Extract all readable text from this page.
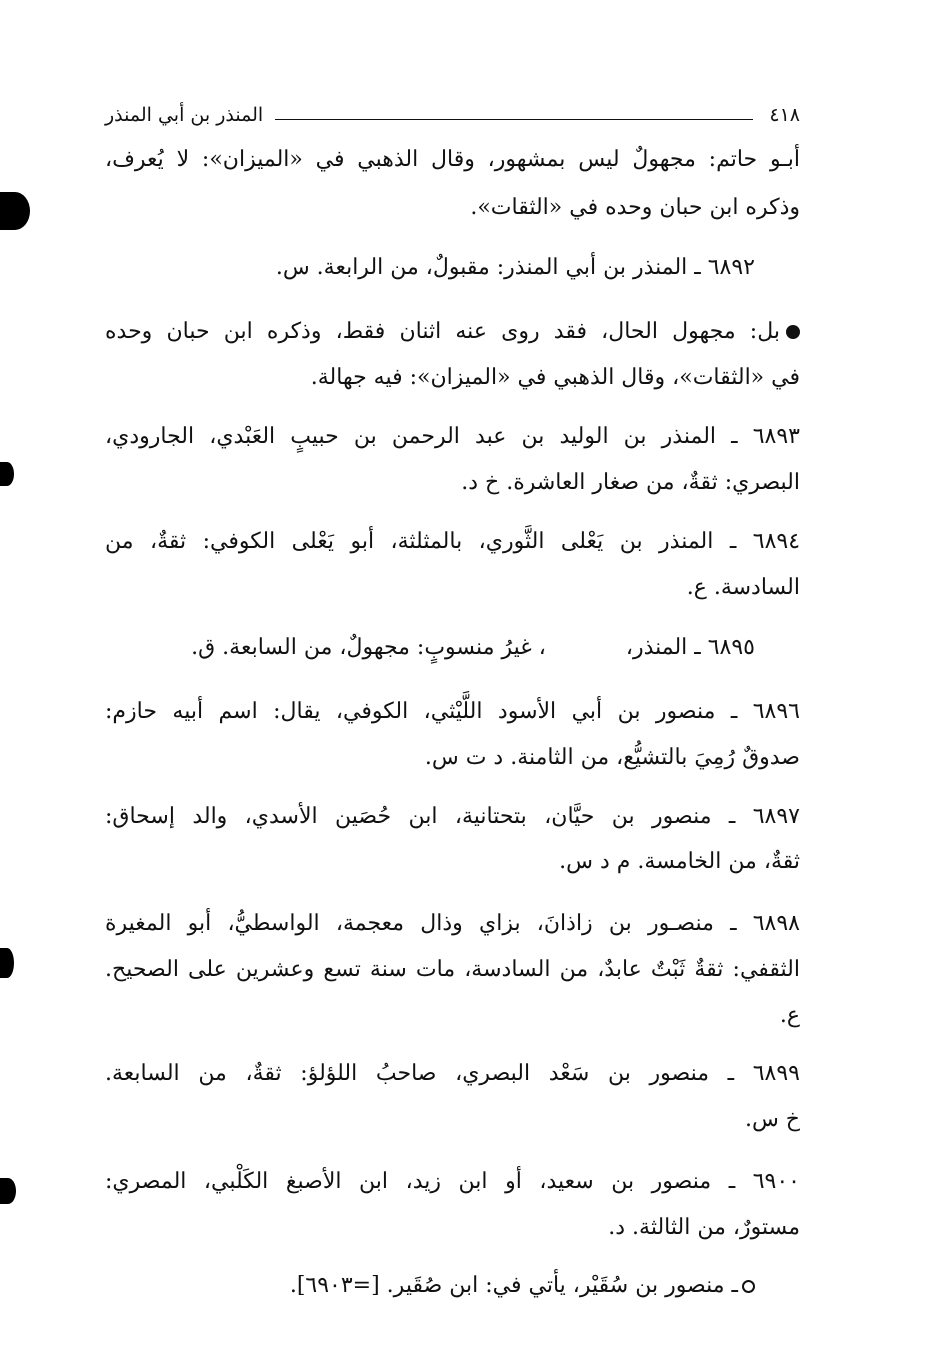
٤١٨
المنذر بن أبي المنذر
أبـو حاتم: مجهولٌ ليس بمشهور، وقال الذهبي في «الميزان»: لا يُعرف،
وذكره ابن حبان وحده في «الثقات».
٦٨٩٢ ـ المنذر بن أبي المنذر: مقبولٌ، من الرابعة. س.
بل: مجهول الحال، فقد روى عنه اثنان فقط، وذكره ابن حبان وحده
في «الثقات»، وقال الذهبي في «الميزان»: فيه جهالة.
٦٨٩٣ ـ المنذر بن الوليد بن عبد الرحمن بن حبيبٍ العَبْدي، الجارودي،
البصري: ثقةٌ، من صغار العاشرة. خ د.
٦٨٩٤ ـ المنذر بن يَعْلى الثَّوري، بالمثلثة، أبو يَعْلى الكوفي: ثقةٌ، من
السادسة. ع.
٦٨٩٥ ـ المنذر،، غيرُ منسوبٍ: مجهولٌ، من السابعة. ق.
٦٨٩٦ ـ منصور بن أبي الأسود اللَّيْثي، الكوفي، يقال: اسم أبيه حازم:
صدوقٌ رُمِيَ بالتشيُّع، من الثامنة. د ت س.
٦٨٩٧ ـ منصور بن حيَّان، بتحتانية، ابن حُصَين الأسدي، والد إسحاق:
ثقةٌ، من الخامسة. م د س.
٦٨٩٨ ـ منصـور بن زاذانَ، بزاي وذال معجمة، الواسطيُّ، أبو المغيرة
الثقفي: ثقةٌ ثَبْتٌ عابدٌ، من السادسة، مات سنة تسع وعشرين على الصحيح.
ع.
٦٨٩٩ ـ منصور بن سَعْد البصري، صاحبُ اللؤلؤ: ثقةٌ، من السابعة.
خ س.
٦٩٠٠ ـ منصور بن سعيد، أو ابن زيد، ابن الأصبغ الكَلْبي، المصري:
مستورٌ، من الثالثة. د.
ـ منصور بن سُقَيْر، يأتي في: ابن صُقَير. [=٦٩٠٣].
